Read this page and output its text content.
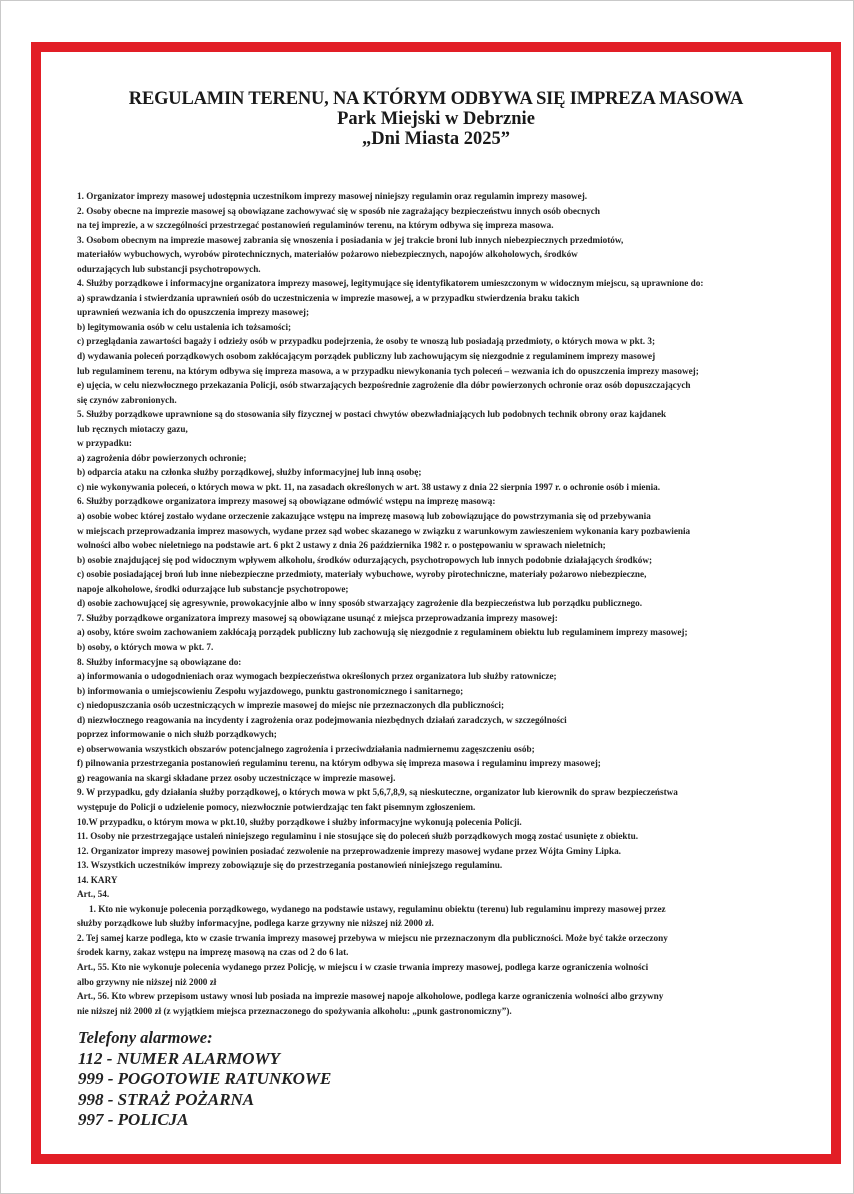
REGULAMIN TERENU, NA KTÓRYM ODBYWA SIĘ IMPREZA MASOWA
Park Miejski w Debrznie
„Dni Miasta 2025”
1. Organizator imprezy masowej udostępnia uczestnikom imprezy masowej niniejszy regulamin oraz regulamin imprezy masowej.
2. Osoby obecne na imprezie masowej są obowiązane zachowywać się w sposób nie zagrażający bezpieczeństwu innych osób obecnych
na tej imprezie, a w szczególności przestrzegać postanowień regulaminów terenu, na którym odbywa się impreza masowa.
3. Osobom obecnym na imprezie masowej zabrania się wnoszenia i posiadania w jej trakcie broni lub innych niebezpiecznych przedmiotów,
materiałów wybuchowych, wyrobów pirotechnicznych, materiałów pożarowo niebezpiecznych, napojów alkoholowych, środków
odurzających lub substancji psychotropowych.
4. Służby porządkowe i informacyjne organizatora imprezy masowej, legitymujące się identyfikatorem umieszczonym w widocznym miejscu, są uprawnione do:
a) sprawdzania i stwierdzania uprawnień osób do uczestniczenia w imprezie masowej, a w przypadku stwierdzenia braku takich
uprawnień wezwania ich do opuszczenia imprezy masowej;
b) legitymowania osób w celu ustalenia ich tożsamości;
c) przeglądania zawartości bagaży i odzieży osób w przypadku podejrzenia, że osoby te wnoszą lub posiadają przedmioty, o których mowa w pkt. 3;
d) wydawania poleceń porządkowych osobom zakłócającym porządek publiczny lub zachowującym się niezgodnie z regulaminem imprezy masowej
lub regulaminem terenu, na którym odbywa się impreza masowa, a w przypadku niewykonania tych poleceń – wezwania ich do opuszczenia imprezy masowej;
e) ujęcia, w celu niezwłocznego przekazania Policji, osób stwarzających bezpośrednie zagrożenie dla dóbr powierzonych ochronie oraz osób dopuszczających
się czynów zabronionych.
5. Służby porządkowe uprawnione są do stosowania siły fizycznej w postaci chwytów obezwładniających lub podobnych technik obrony oraz kajdanek
lub ręcznych miotaczy gazu,
w przypadku:
a) zagrożenia dóbr powierzonych ochronie;
b) odparcia ataku na członka służby porządkowej, służby informacyjnej lub inną osobę;
c) nie wykonywania poleceń, o których mowa w pkt. 11, na zasadach określonych w art. 38 ustawy z dnia 22 sierpnia 1997 r. o ochronie osób i mienia.
6. Służby porządkowe organizatora imprezy masowej są obowiązane odmówić wstępu na imprezę masową:
a) osobie wobec której zostało wydane orzeczenie zakazujące wstępu na imprezę masową lub zobowiązujące do powstrzymania się od przebywania
w miejscach przeprowadzania imprez masowych, wydane przez sąd wobec skazanego w związku z warunkowym zawieszeniem wykonania kary pozbawienia
wolności albo wobec nieletniego na podstawie art. 6 pkt 2 ustawy z dnia 26 października 1982 r. o postępowaniu w sprawach nieletnich;
b) osobie znajdującej się pod widocznym wpływem alkoholu, środków odurzających, psychotropowych lub innych podobnie działających środków;
c) osobie posiadającej broń lub inne niebezpieczne przedmioty, materiały wybuchowe, wyroby pirotechniczne, materiały pożarowo niebezpieczne,
napoje alkoholowe, środki odurzające lub substancje psychotropowe;
d) osobie zachowującej się agresywnie, prowokacyjnie albo w inny sposób stwarzający zagrożenie dla bezpieczeństwa lub porządku publicznego.
7. Służby porządkowe organizatora imprezy masowej są obowiązane usunąć z miejsca przeprowadzania imprezy masowej:
a) osoby, które swoim zachowaniem zakłócają porządek publiczny lub zachowują się niezgodnie z regulaminem obiektu lub regulaminem imprezy masowej;
b) osoby, o których mowa w pkt. 7.
8. Służby informacyjne są obowiązane do:
a) informowania o udogodnieniach oraz wymogach bezpieczeństwa określonych przez organizatora lub służby ratownicze;
b) informowania o umiejscowieniu Zespołu wyjazdowego, punktu gastronomicznego i sanitarnego;
c) niedopuszczania osób uczestniczących w imprezie masowej do miejsc nie przeznaczonych dla publiczności;
d) niezwłocznego reagowania na incydenty i zagrożenia oraz podejmowania niezbędnych działań zaradczych, w szczególności
poprzez informowanie o nich służb porządkowych;
e) obserwowania wszystkich obszarów potencjalnego zagrożenia i przeciwdziałania nadmiernemu zagęszczeniu osób;
f) pilnowania przestrzegania postanowień regulaminu terenu, na którym odbywa się impreza masowa i regulaminu imprezy masowej;
g) reagowania na skargi składane przez osoby uczestniczące w imprezie masowej.
9. W przypadku, gdy działania służby porządkowej, o których mowa w pkt 5,6,7,8,9, są nieskuteczne, organizator lub kierownik do spraw bezpieczeństwa
występuje do Policji o udzielenie pomocy, niezwłocznie potwierdzając ten fakt pisemnym zgłoszeniem.
10.W przypadku, o którym mowa w pkt.10, służby porządkowe i służby informacyjne wykonują polecenia Policji.
11. Osoby nie przestrzegające ustaleń niniejszego regulaminu i nie stosujące się do poleceń służb porządkowych mogą zostać usunięte z obiektu.
12. Organizator imprezy masowej powinien posiadać zezwolenie na przeprowadzenie imprezy masowej wydane przez Wójta Gminy Lipka.
13. Wszystkich uczestników imprezy zobowiązuje się do przestrzegania postanowień niniejszego regulaminu.
14. KARY
Art., 54.
1. Kto nie wykonuje polecenia porządkowego, wydanego na podstawie ustawy, regulaminu obiektu (terenu) lub regulaminu imprezy masowej przez
służby porządkowe lub służby informacyjne, podlega karze grzywny nie niższej niż 2000 zł.
2. Tej samej karze podlega, kto w czasie trwania imprezy masowej przebywa w miejscu nie przeznaczonym dla publiczności. Może być także orzeczony
środek karny, zakaz wstępu na imprezę masową na czas od 2 do 6 lat.
Art., 55. Kto nie wykonuje polecenia wydanego przez Policję, w miejscu i w czasie trwania imprezy masowej, podlega karze ograniczenia wolności
albo grzywny nie niższej niż 2000 zł
Art., 56. Kto wbrew przepisom ustawy wnosi lub posiada na imprezie masowej napoje alkoholowe, podlega karze ograniczenia wolności albo grzywny
nie niższej niż 2000 zł (z wyjątkiem miejsca przeznaczonego do spożywania alkoholu: „punk gastronomiczny”).
Telefony alarmowe:
112 - NUMER ALARMOWY
999 - POGOTOWIE RATUNKOWE
998 - STRAŻ POŻARNA
997 - POLICJA
